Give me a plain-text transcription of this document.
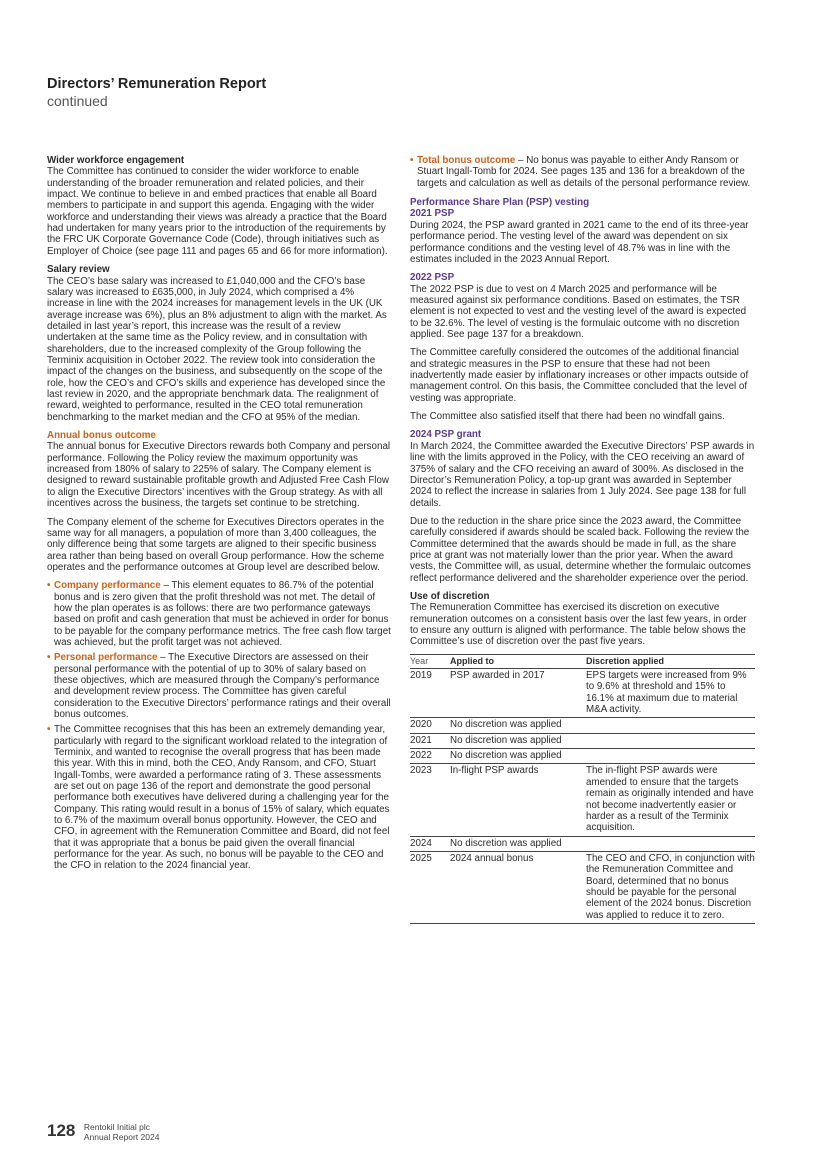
Directors’ Remuneration Report
continued
Wider workforce engagement

The Committee has continued to consider the wider workforce to enable understanding of the broader remuneration and related policies, and their impact. We continue to believe in and embed practices that enable all Board members to participate in and support this agenda. Engaging with the wider workforce and understanding their views was already a practice that the Board had undertaken for many years prior to the introduction of the requirements by the FRC UK Corporate Governance Code (Code), through initiatives such as Employer of Choice (see page 111 and pages 65 and 66 for more information).

Salary review

The CEO’s base salary was increased to £1,040,000 and the CFO’s base salary was increased to £635,000, in July 2024, which comprised a 4% increase in line with the 2024 increases for management levels in the UK (UK average increase was 6%), plus an 8% adjustment to align with the market. As detailed in last year’s report, this increase was the result of a review undertaken at the same time as the Policy review, and in consultation with shareholders, due to the increased complexity of the Group following the Terminix acquisition in October 2022. The review took into consideration the impact of the changes on the business, and subsequently on the scope of the role, how the CEO’s and CFO’s skills and experience has developed since the last review in 2020, and the appropriate benchmark data. The realignment of reward, weighted to performance, resulted in the CEO total remuneration benchmarking to the market median and the CFO at 95% of the median.

Annual bonus outcome

The annual bonus for Executive Directors rewards both Company and personal performance. Following the Policy review the maximum opportunity was increased from 180% of salary to 225% of salary. The Company element is designed to reward sustainable profitable growth and Adjusted Free Cash Flow to align the Executive Directors’ incentives with the Group strategy. As with all incentives across the business, the targets set continue to be stretching.

The Company element of the scheme for Executives Directors operates in the same way for all managers, a population of more than 3,400 colleagues, the only difference being that some targets are aligned to their specific business area rather than being based on overall Group performance. How the scheme operates and the performance outcomes at Group level are described below.

• Company performance – This element equates to 86.7% of the potential bonus and is zero given that the profit threshold was not met. The detail of how the plan operates is as follows: there are two performance gateways based on profit and cash generation that must be achieved in order for bonus to be payable for the company performance metrics. The free cash flow target was achieved, but the profit target was not achieved.
• Personal performance – The Executive Directors are assessed on their personal performance with the potential of up to 30% of salary based on these objectives, which are measured through the Company’s performance and development review process. The Committee has given careful consideration to the Executive Directors’ performance ratings and their overall bonus outcomes.
• The Committee recognises that this has been an extremely demanding year, particularly with regard to the significant workload related to the integration of Terminix, and wanted to recognise the overall progress that has been made this year. With this in mind, both the CEO, Andy Ransom, and CFO, Stuart Ingall-Tombs, were awarded a performance rating of 3. These assessments are set out on page 136 of the report and demonstrate the good personal performance both executives have delivered during a challenging year for the Company. This rating would result in a bonus of 15% of salary, which equates to 6.7% of the maximum overall bonus opportunity. However, the CEO and CFO, in agreement with the Remuneration Committee and Board, did not feel that it was appropriate that a bonus be paid given the overall financial performance for the year. As such, no bonus will be payable to the CEO and the CFO in relation to the 2024 financial year.
• Total bonus outcome – No bonus was payable to either Andy Ransom or Stuart Ingall-Tomb for 2024. See pages 135 and 136 for a breakdown of the targets and calculation as well as details of the personal performance review.
Performance Share Plan (PSP) vesting
2021 PSP

During 2024, the PSP award granted in 2021 came to the end of its three-year performance period. The vesting level of the award was dependent on six performance conditions and the vesting level of 48.7% was in line with the estimates included in the 2023 Annual Report.

2022 PSP

The 2022 PSP is due to vest on 4 March 2025 and performance will be measured against six performance conditions. Based on estimates, the TSR element is not expected to vest and the vesting level of the award is expected to be 32.6%. The level of vesting is the formulaic outcome with no discretion applied. See page 137 for a breakdown.

The Committee carefully considered the outcomes of the additional financial and strategic measures in the PSP to ensure that these had not been inadvertently made easier by inflationary increases or other impacts outside of management control. On this basis, the Committee concluded that the level of vesting was appropriate.

The Committee also satisfied itself that there had been no windfall gains.

2024 PSP grant

In March 2024, the Committee awarded the Executive Directors’ PSP awards in line with the limits approved in the Policy, with the CEO receiving an award of 375% of salary and the CFO receiving an award of 300%. As disclosed in the Director’s Remuneration Policy, a top-up grant was awarded in September 2024 to reflect the increase in salaries from 1 July 2024. See page 138 for full details.

Due to the reduction in the share price since the 2023 award, the Committee carefully considered if awards should be scaled back. Following the review the Committee determined that the awards should be made in full, as the share price at grant was not materially lower than the prior year. When the award vests, the Committee will, as usual, determine whether the formulaic outcomes reflect performance delivered and the shareholder experience over the period.

Use of discretion

The Remuneration Committee has exercised its discretion on executive remuneration outcomes on a consistent basis over the last few years, in order to ensure any outturn is aligned with performance. The table below shows the Committee’s use of discretion over the past five years.

Year	Applied to	Discretion applied
2019	PSP awarded in 2017	EPS targets were increased from 9% to 9.6% at threshold and 15% to 16.1% at maximum due to material M&A activity.
2020	No discretion was applied	
2021	No discretion was applied	
2022	No discretion was applied	
2023	In-flight PSP awards	The in-flight PSP awards were amended to ensure that the targets remain as originally intended and have not become inadvertently easier or harder as a result of the Terminix acquisition.
2024	No discretion was applied	
2025	2024 annual bonus	The CEO and CFO, in conjunction with the Remuneration Committee and Board, determined that no bonus should be payable for the personal element of the 2024 bonus. Discretion was applied to reduce it to zero.
128 Rentokil Initial plc
Annual Report 2024
